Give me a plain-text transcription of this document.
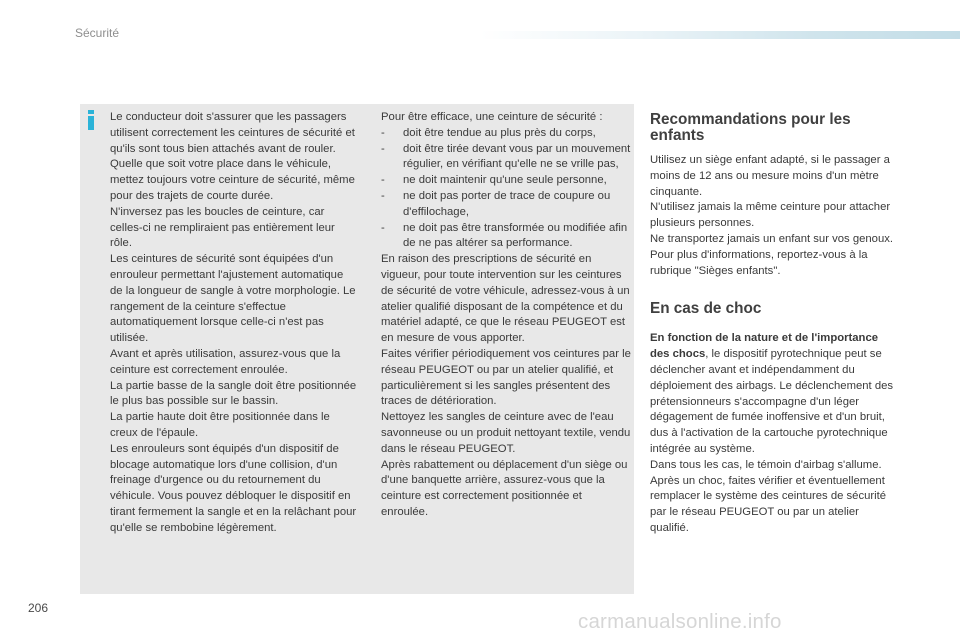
Sécurité

Le conducteur doit s'assurer que les passagers utilisent correctement les ceintures de sécurité et qu'ils sont tous bien attachés avant de rouler.

Quelle que soit votre place dans le véhicule, mettez toujours votre ceinture de sécurité, même pour des trajets de courte durée.

N'inversez pas les boucles de ceinture, car celles-ci ne rempliraient pas entièrement leur rôle.

Les ceintures de sécurité sont équipées d'un enrouleur permettant l'ajustement automatique de la longueur de sangle à votre morphologie. Le rangement de la ceinture s'effectue automatiquement lorsque celle-ci n'est pas utilisée.

Avant et après utilisation, assurez-vous que la ceinture est correctement enroulée.

La partie basse de la sangle doit être positionnée le plus bas possible sur le bassin.

La partie haute doit être positionnée dans le creux de l'épaule.

Les enrouleurs sont équipés d'un dispositif de blocage automatique lors d'une collision, d'un freinage d'urgence ou du retournement du véhicule. Vous pouvez débloquer le dispositif en tirant fermement la sangle et en la relâchant pour qu'elle se rembobine légèrement.

Pour être efficace, une ceinture de sécurité :

-	doit être tendue au plus près du corps,
-	doit être tirée devant vous par un mouvement régulier, en vérifiant qu'elle ne se vrille pas,
-	ne doit maintenir qu'une seule personne,
-	ne doit pas porter de trace de coupure ou d'effilochage,
-	ne doit pas être transformée ou modifiée afin de ne pas altérer sa performance.

En raison des prescriptions de sécurité en vigueur, pour toute intervention sur les ceintures de sécurité de votre véhicule, adressez-vous à un atelier qualifié disposant de la compétence et du matériel adapté, ce que le réseau PEUGEOT est en mesure de vous apporter.

Faites vérifier périodiquement vos ceintures par le réseau PEUGEOT ou par un atelier qualifié, et particulièrement si les sangles présentent des traces de détérioration.

Nettoyez les sangles de ceinture avec de l'eau savonneuse ou un produit nettoyant textile, vendu dans le réseau PEUGEOT.

Après rabattement ou déplacement d'un siège ou d'une banquette arrière, assurez-vous que la ceinture est correctement positionnée et enroulée.

Recommandations pour les enfants

Utilisez un siège enfant adapté, si le passager a moins de 12 ans ou mesure moins d'un mètre cinquante.

N'utilisez jamais la même ceinture pour attacher plusieurs personnes.

Ne transportez jamais un enfant sur vos genoux.

Pour plus d'informations, reportez-vous à la rubrique "Sièges enfants".

En cas de choc

En fonction de la nature et de l'importance des chocs, le dispositif pyrotechnique peut se déclencher avant et indépendamment du déploiement des airbags. Le déclenchement des prétensionneurs s'accompagne d'un léger dégagement de fumée inoffensive et d'un bruit, dus à l'activation de la cartouche pyrotechnique intégrée au système.

Dans tous les cas, le témoin d'airbag s'allume.

Après un choc, faites vérifier et éventuellement remplacer le système des ceintures de sécurité par le réseau PEUGEOT ou par un atelier qualifié.

206
carmanualsonline.info
